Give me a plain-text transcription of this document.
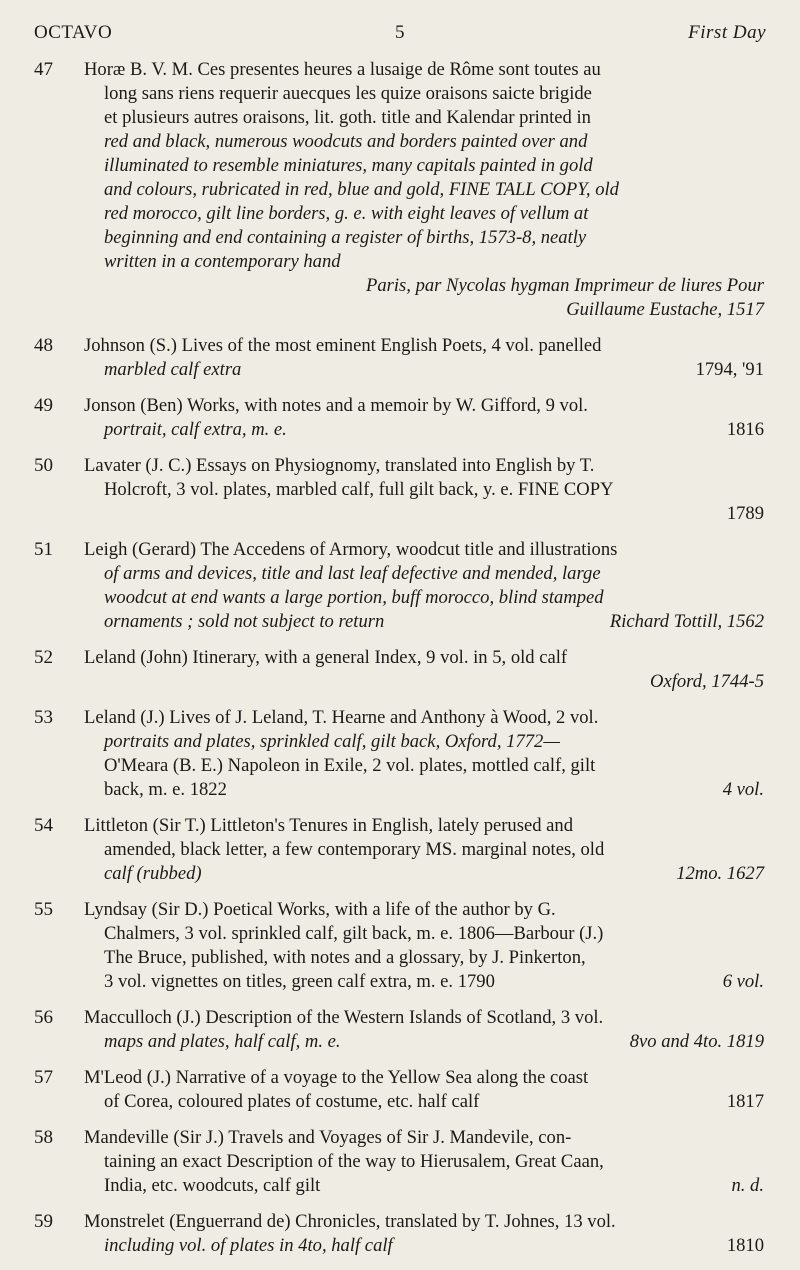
OCTAVO	5	First Day
47	Horæ B. V. M. Ces presentes heures a lusaige de Rôme sont toutes au
long sans riens requerir auecques les quize oraisons saicte brigide
et plusieurs autres oraisons, lit. goth. title and Kalendar printed in
red and black, numerous woodcuts and borders painted over and
illuminated to resemble miniatures, many capitals painted in gold
and colours, rubricated in red, blue and gold, FINE TALL COPY, old
red morocco, gilt line borders, g. e. with eight leaves of vellum at
beginning and end containing a register of births, 1573-8, neatly
written in a contemporary hand
Paris, par Nycolas hygman Imprimeur de liures Pour
Guillaume Eustache, 1517
48	Johnson (S.) Lives of the most eminent English Poets, 4 vol. panelled
marbled calf extra	1794, '91
49	Jonson (Ben) Works, with notes and a memoir by W. Gifford, 9 vol.
portrait, calf extra, m. e.	1816
50	Lavater (J. C.) Essays on Physiognomy, translated into English by T.
Holcroft, 3 vol. plates, marbled calf, full gilt back, y. e. FINE COPY
1789
51	Leigh (Gerard) The Accedens of Armory, woodcut title and illustrations
of arms and devices, title and last leaf defective and mended, large
woodcut at end wants a large portion, buff morocco, blind stamped
ornaments ; sold not subject to return	Richard Tottill, 1562
52	Leland (John) Itinerary, with a general Index, 9 vol. in 5, old calf
Oxford, 1744-5
53	Leland (J.) Lives of J. Leland, T. Hearne and Anthony à Wood, 2 vol.
portraits and plates, sprinkled calf, gilt back, Oxford, 1772—
O'Meara (B. E.) Napoleon in Exile, 2 vol. plates, mottled calf, gilt
back, m. e. 1822	4 vol.
54	Littleton (Sir T.) Littleton's Tenures in English, lately perused and
amended, black letter, a few contemporary MS. marginal notes, old
calf (rubbed)	12mo. 1627
55	Lyndsay (Sir D.) Poetical Works, with a life of the author by G.
Chalmers, 3 vol. sprinkled calf, gilt back, m. e. 1806—Barbour (J.)
The Bruce, published, with notes and a glossary, by J. Pinkerton,
3 vol. vignettes on titles, green calf extra, m. e. 1790	6 vol.
56	Macculloch (J.) Description of the Western Islands of Scotland, 3 vol.
maps and plates, half calf, m. e.	8vo and 4to. 1819
57	M'Leod (J.) Narrative of a voyage to the Yellow Sea along the coast
of Corea, coloured plates of costume, etc. half calf	1817
58	Mandeville (Sir J.) Travels and Voyages of Sir J. Mandevile, con-
taining an exact Description of the way to Hierusalem, Great Caan,
India, etc. woodcuts, calf gilt	n. d.
59	Monstrelet (Enguerrand de) Chronicles, translated by T. Johnes, 13 vol.
including vol. of plates in 4to, half calf	1810
